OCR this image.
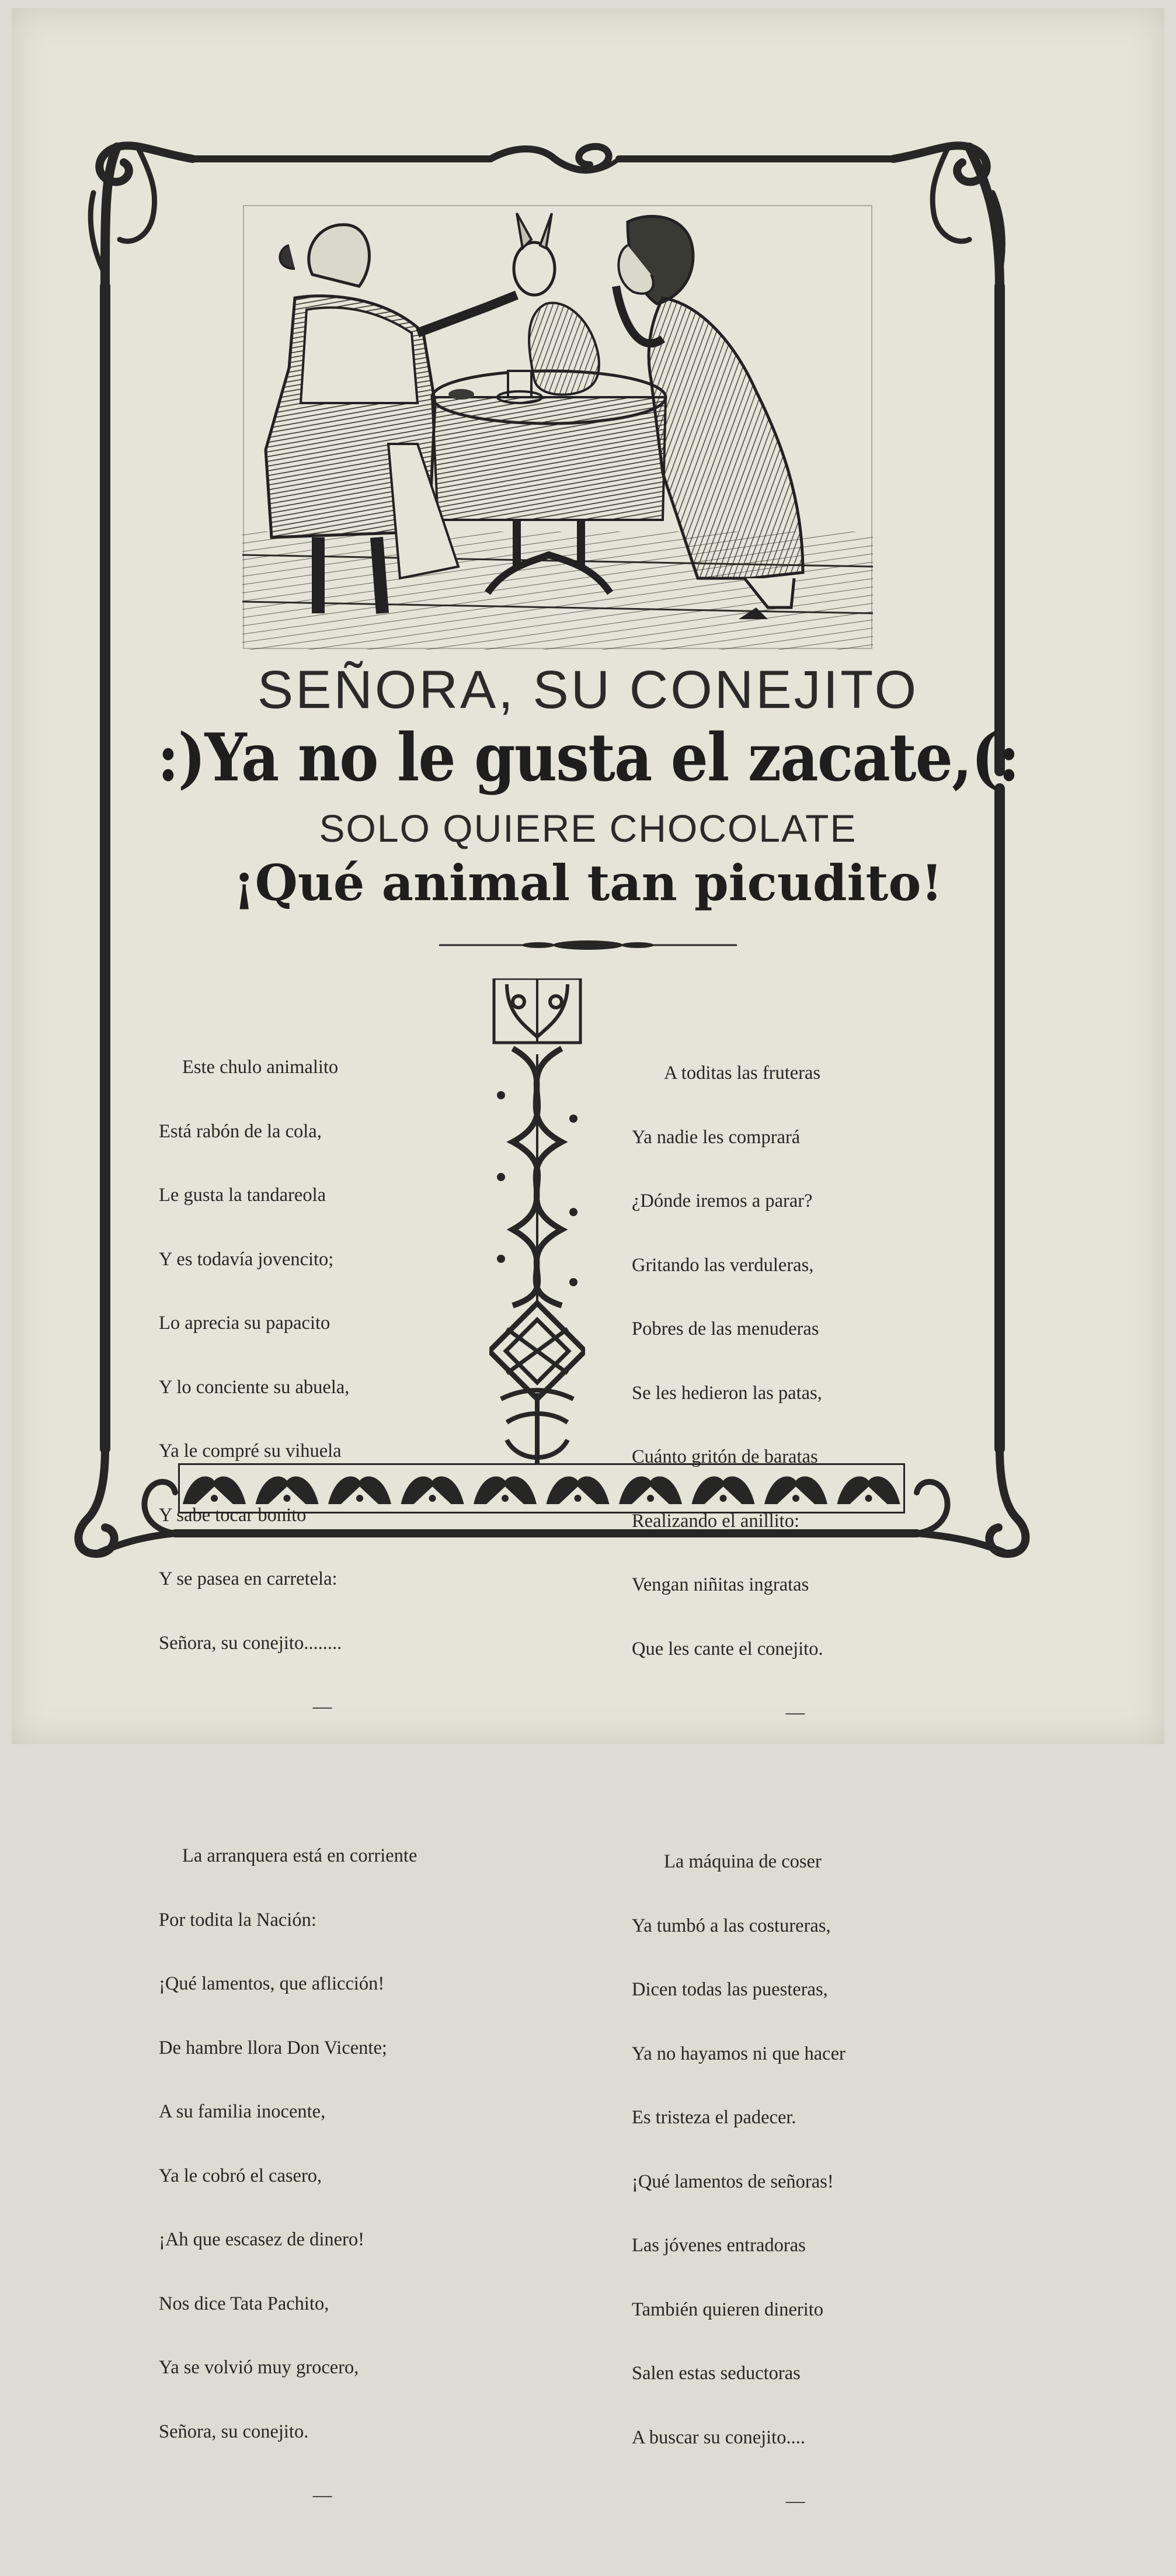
SEÑORA, SU CONEJITO
:)Ya no le gusta el zacate,(:
SOLO QUIERE CHOCOLATE
¡Qué animal tan picudito!

Este chulo animalito

Está rabón de la cola,

Le gusta la tandareola

Y es todavía jovencito;

Lo aprecia su papacito

Y lo conciente su abuela,

Ya le compré su vihuela

Y sabe tocar bonito

Y se pasea en carretela:

Señora, su conejito........

—

La arranquera está en corriente

Por todita la Nación:

¡Qué lamentos, que aflicción!

De hambre llora Don Vicente;

A su familia inocente,

Ya le cobró el casero,

¡Ah que escasez de dinero!

Nos dice Tata Pachito,

Ya se volvió muy grocero,

Señora, su conejito.

—

A toditas las fruteras

Ya nadie les comprará

¿Dónde iremos a parar?

Gritando las verduleras,

Pobres de las menuderas

Se les hedieron las patas,

Cuánto gritón de baratas

Realizando el anillito:

Vengan niñitas ingratas

Que les cante el conejito.

—

La máquina de coser

Ya tumbó a las costureras,

Dicen todas las puesteras,

Ya no hayamos ni que hacer

Es tristeza el padecer.

¡Qué lamentos de señoras!

Las jóvenes entradoras

También quieren dinerito

Salen estas seductoras

A buscar su conejito....

—
